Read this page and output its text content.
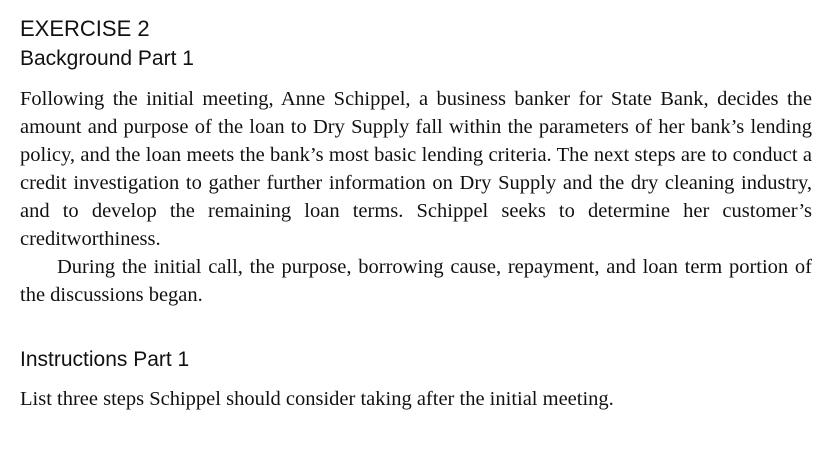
EXERCISE 2
Background Part 1

Following the initial meeting, Anne Schippel, a business banker for State Bank, decides the amount and purpose of the loan to Dry Supply fall within the parameters of her bank’s lending policy, and the loan meets the bank’s most basic lending criteria. The next steps are to conduct a credit investigation to gather further information on Dry Supply and the dry cleaning industry, and to develop the remaining loan terms. Schippel seeks to determine her customer’s creditworthiness.

During the initial call, the purpose, borrowing cause, repayment, and loan term portion of the discussions began.

Instructions Part 1

List three steps Schippel should consider taking after the initial meeting.
